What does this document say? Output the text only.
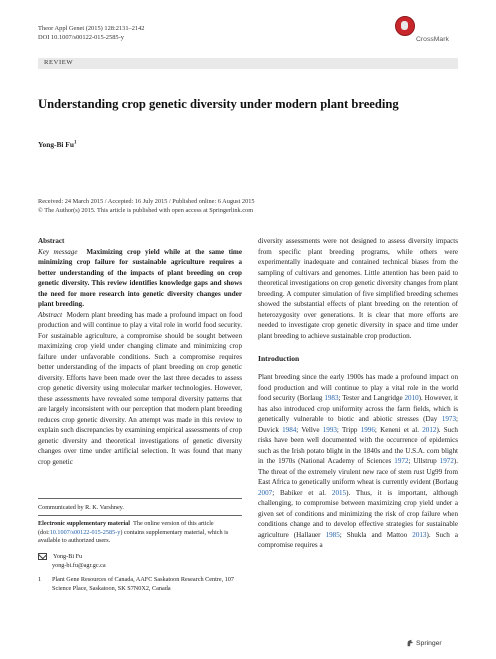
Theor Appl Genet (2015) 128:2131–2142
DOI 10.1007/s00122-015-2585-y	CrossMark
REVIEW
Understanding crop genetic diversity under modern plant breeding
Yong-Bi Fu$^1$
Received: 24 March 2015 / Accepted: 16 July 2015 / Published online: 6 August 2015
© The Author(s) 2015. This article is published with open access at Springerlink.com

Abstract

Key message Maximizing crop yield while at the same time minimizing crop failure for sustainable agriculture requires a better understanding of the impacts of plant breeding on crop genetic diversity. This review identifies knowledge gaps and shows the need for more research into genetic diversity changes under plant breeding.

Abstract Modern plant breeding has made a profound impact on food production and will continue to play a vital role in world food security. For sustainable agriculture, a compromise should be sought between maximizing crop yield under changing climate and minimizing crop failure under unfavorable conditions. Such a compromise requires better understanding of the impacts of plant breeding on crop genetic diversity. Efforts have been made over the last three decades to assess crop genetic diversity using molecular marker technologies. However, these assessments have revealed some temporal diversity patterns that are largely inconsistent with our perception that modern plant breeding reduces crop genetic diversity. An attempt was made in this review to explain such discrepancies by examining empirical assessments of crop genetic diversity and theoretical investigations of genetic diversity changes over time under artificial selection. It was found that many crop genetic

diversity assessments were not designed to assess diversity impacts from specific plant breeding programs, while others were experimentally inadequate and contained technical biases from the sampling of cultivars and genomes. Little attention has been paid to theoretical investigations on crop genetic diversity changes from plant breeding. A computer simulation of five simplified breeding schemes showed the substantial effects of plant breeding on the retention of heterozygosity over generations. It is clear that more efforts are needed to investigate crop genetic diversity in space and time under plant breeding to achieve sustainable crop production.

Introduction
Plant breeding since the early 1900s has made a profound impact on food production and will continue to play a vital role in the world food security (Borlaug 1983; Tester and Langridge 2010). However, it has also introduced crop uniformity across the farm fields, which is genetically vulnerable to biotic and abiotic stresses (Day 1973; Duvick 1984; Vellve 1993; Tripp 1996; Keneni et al. 2012). Such risks have been well documented with the occurrence of epidemics such as the Irish potato blight in the 1840s and the U.S.A. corn blight in the 1970s (National Academy of Sciences 1972; Ullstrup 1972). The threat of the extremely virulent new race of stem rust Ug99 from East Africa to genetically uniform wheat is currently evident (Borlaug 2007; Babiker et al. 2015). Thus, it is important, although challenging, to compromise between maximizing crop yield under a given set of conditions and minimizing the risk of crop failure when conditions change and to develop effective strategies for sustainable agriculture (Hallauer 1985; Shukla and Mattoo 2013). Such a compromise requires a
Communicated by R. K. Varshney.
Electronic supplementary material The online version of this article (doi:10.1007/s00122-015-2585-y) contains supplementary material, which is available to authorized users.
Yong-Bi Fu
yong-bi.fu@agr.gc.ca
1	Plant Gene Resources of Canada, AAFC Saskatoon Research Centre, 107 Science Place, Saskatoon, SK S7N0X2, Canada
Springer
